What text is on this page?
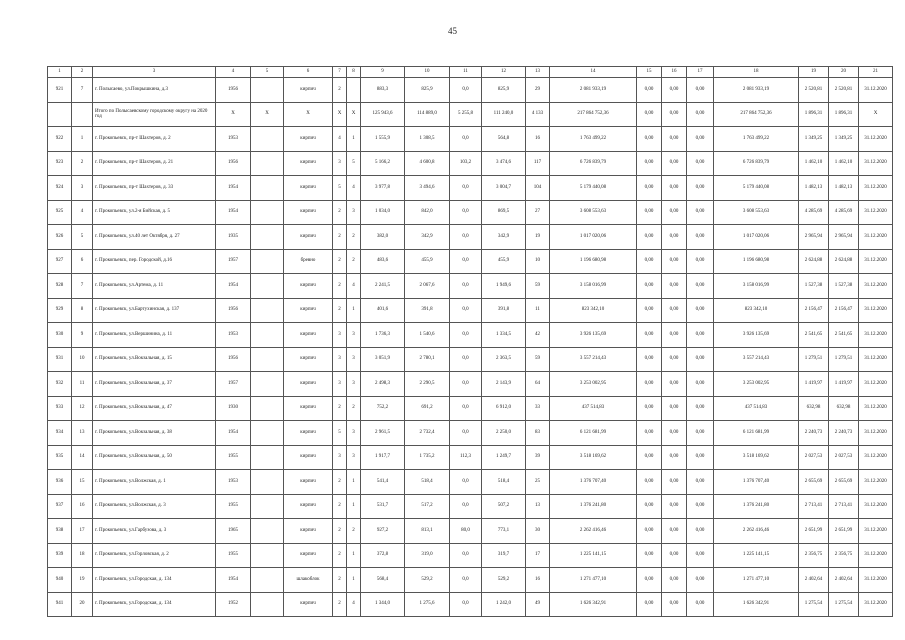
45
1	2	3	4	5	6	7	8	9	10	11	12	13	14	15	16	17	18	19	20	21
921	7	г. Полысаево, ул.Покрышкина, д.3	1956		кирпич	2		883,3	825,9	0,0	825,9	29	2 081 933,19	0,00	0,00	0,00	2 081 933,19	2 520,81	2 520,81	31.12.2020
		Итого по Полысаевскому городскому округу на 2020 год	X	X	X	X	X	125 943,6	114 889,0	5 255,8	111 240,0	4 133	217 864 752,36	0,00	0,00	0,00	217 864 752,36	1 896,31	1 896,31	X
922	1	г. Прокопьевск, пр-т Шахтеров, д. 2	1953		кирпич	4	1	1 555,9	1 308,5	0,0	564,8	16	1 763 499,22	0,00	0,00	0,00	1 763 499,22	1 349,25	1 349,25	31.12.2020
923	2	г. Прокопьевск, пр-т Шахтеров, д. 21	1956		кирпич	3	5	5 166,2	4 600,8	103,2	3 474,6	117	6 726 839,79	0,00	0,00	0,00	6 726 839,79	1 462,10	1 462,10	31.12.2020
924	3	г. Прокопьевск, пр-т Шахтеров, д. 33	1954		кирпич	5	4	3 977,8	3 494,6	0,0	3 004,7	104	5 179 440,08	0,00	0,00	0,00	5 179 440,08	1 482,13	1 482,13	31.12.2020
925	4	г. Прокопьевск, ул.2-я Бийская, д. 5	1954		кирпич	2	3	1 034,0	842,0	0,0	869,5	27	3 608 553,63	0,00	0,00	0,00	3 608 553,63	4 285,69	4 285,69	31.12.2020
926	5	г. Прокопьевск, ул.40 лет Октября, д. 27	1935		кирпич	2	2	382,0	342,9	0,0	342,9	19	1 017 020,06	0,00	0,00	0,00	1 017 020,06	2 965,94	2 965,94	31.12.2020
927	6	г. Прокопьевск, пер. Городской, д.16	1957		бревно	2	2	483,6	455,9	0,0	455,9	10	1 196 680,98	0,00	0,00	0,00	1 196 680,98	2 624,88	2 624,88	31.12.2020
928	7	г. Прокопьевск, ул.Артема, д. 11	1954		кирпич	2	4	2 241,5	2 067,6	0,0	1 949,6	59	3 158 016,99	0,00	0,00	0,00	3 158 016,99	1 527,38	1 527,38	31.12.2020
929	8	г. Прокопьевск, ул.Бартухинская, д. 137	1956		кирпич	2	1	401,6	391,8	0,0	391,8	11	823 342,10	0,00	0,00	0,00	823 342,10	2 156,47	2 156,47	31.12.2020
930	9	г. Прокопьевск, ул.Вершинина, д. 11	1953		кирпич	3	3	1 736,3	1 540,6	0,0	1 334,5	42	3 926 135,69	0,00	0,00	0,00	3 926 135,69	2 541,65	2 541,65	31.12.2020
931	10	г. Прокопьевск, ул.Вокзальная, д. 15	1956		кирпич	3	3	3 051,9	2 780,1	0,0	2 363,5	59	3 557 214,43	0,00	0,00	0,00	3 557 214,43	1 279,51	1 279,51	31.12.2020
932	11	г. Прокопьевск, ул.Вокзальная, д. 37	1957		кирпич	3	3	2 498,3	2 290,5	0,0	2 143,9	64	3 253 002,95	0,00	0,00	0,00	3 253 002,95	1 419,97	1 419,97	31.12.2020
933	12	г. Прокопьевск, ул.Вокзальная, д. 47	1930		кирпич	2	2	752,2	691,2	0,0	6 912,0	33	437 514,83	0,00	0,00	0,00	437 514,83	632,98	632,98	31.12.2020
934	13	г. Прокопьевск, ул.Вокзальная, д. 38	1954		кирпич	5	3	2 961,5	2 732,4	0,0	2 250,0	83	6 121 681,99	0,00	0,00	0,00	6 121 681,99	2 240,73	2 240,73	31.12.2020
935	14	г. Прокопьевск, ул.Вокзальная, д. 50	1955		кирпич	3	3	1 917,7	1 735,2	112,3	1 249,7	39	3 518 169,62	0,00	0,00	0,00	3 518 169,62	2 027,53	2 027,53	31.12.2020
936	15	г. Прокопьевск, ул.Волжская, д. 1	1953		кирпич	2	1	541,4	518,4	0,0	518,4	25	1 376 707,40	0,00	0,00	0,00	1 376 707,40	2 655,69	2 655,69	31.12.2020
937	16	г. Прокопьевск, ул.Волжская, д. 3	1955		кирпич	2	1	531,7	517,2	0,0	507,2	13	1 376 241,80	0,00	0,00	0,00	1 376 241,80	2 713,41	2 713,41	31.12.2020
938	17	г. Прокопьевск, ул.Гарбузова, д. 3	1965		кирпич	2	2	927,2	813,1	80,0	773,1	30	2 262 416,46	0,00	0,00	0,00	2 262 416,46	2 651,99	2 651,99	31.12.2020
939	18	г. Прокопьевск, ул.Горловская, д. 2	1955		кирпич	2	1	372,8	319,0	0,0	319,7	17	1 225 141,15	0,00	0,00	0,00	1 225 141,15	2 356,75	2 356,75	31.12.2020
940	19	г. Прокопьевск, ул.Городская, д. 134	1954		шлакоблок	2	1	568,4	529,2	0,0	529,2	16	1 271 477,10	0,00	0,00	0,00	1 271 477,10	2 402,64	2 402,64	31.12.2020
941	20	г. Прокопьевск, ул.Городская, д. 134	1952		кирпич	2	4	1 344,0	1 275,6	0,0	1 242,0	49	1 626 342,91	0,00	0,00	0,00	1 626 342,91	1 275,54	1 275,54	31.12.2020
